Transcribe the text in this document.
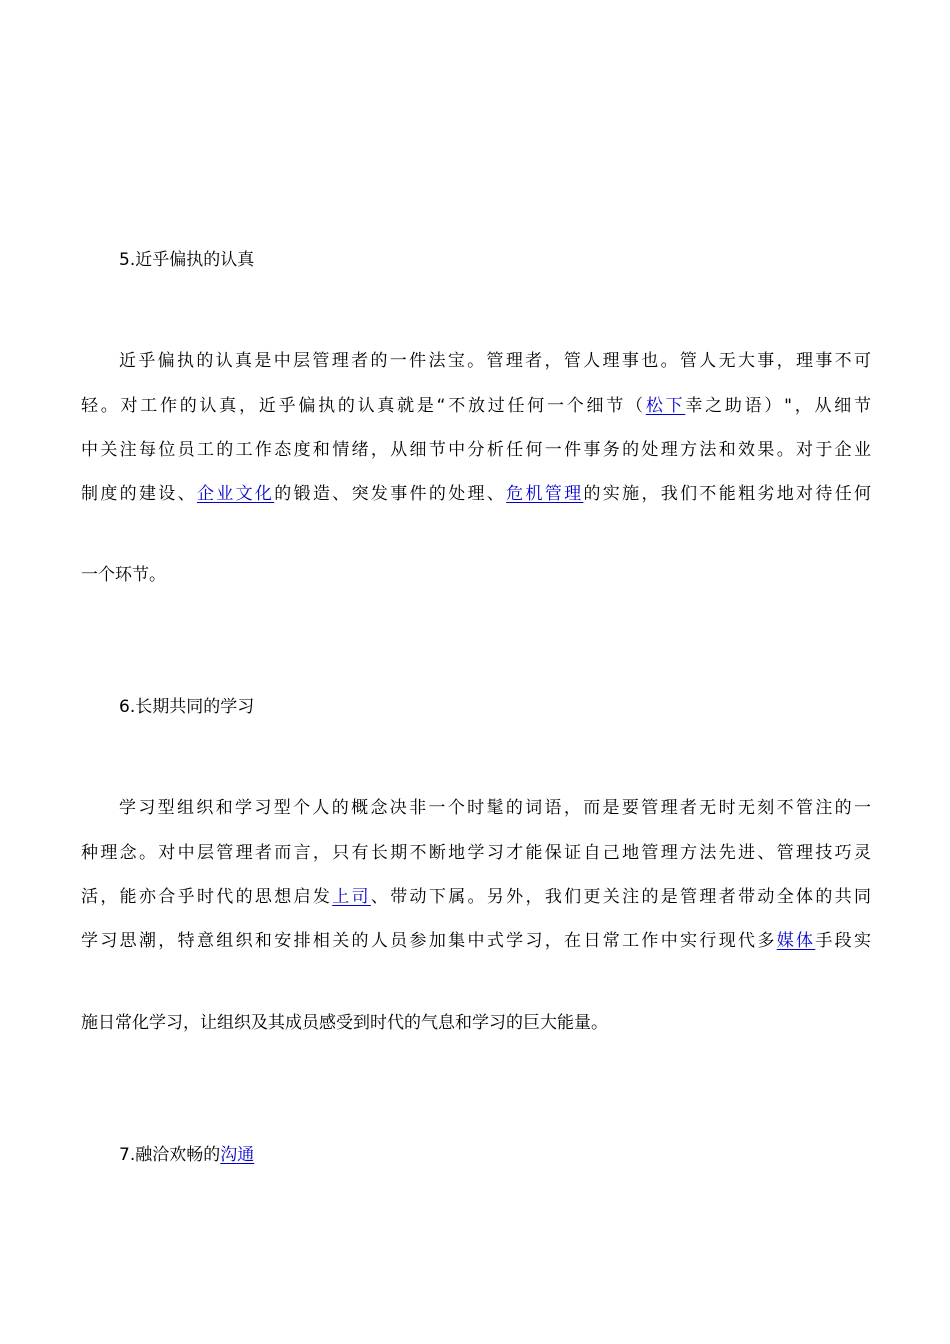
5.近乎偏执的认真
近乎偏执的认真是中层管理者的一件法宝。管理者，管人理事也。管人无大事，理事不可
轻。对工作的认真，近乎偏执的认真就是“不放过任何一个细节（松下幸之助语）"，从细节
中关注每位员工的工作态度和情绪，从细节中分析任何一件事务的处理方法和效果。对于企业
制度的建设、企业文化的锻造、突发事件的处理、危机管理的实施，我们不能粗劣地对待任何
一个环节。
6.长期共同的学习
学习型组织和学习型个人的概念决非一个时髦的词语，而是要管理者无时无刻不管注的一
种理念。对中层管理者而言，只有长期不断地学习才能保证自己地管理方法先进、管理技巧灵
活，能亦合乎时代的思想启发上司、带动下属。另外，我们更关注的是管理者带动全体的共同
学习思潮，特意组织和安排相关的人员参加集中式学习，在日常工作中实行现代多媒体手段实
施日常化学习，让组织及其成员感受到时代的气息和学习的巨大能量。
7.融洽欢畅的沟通
